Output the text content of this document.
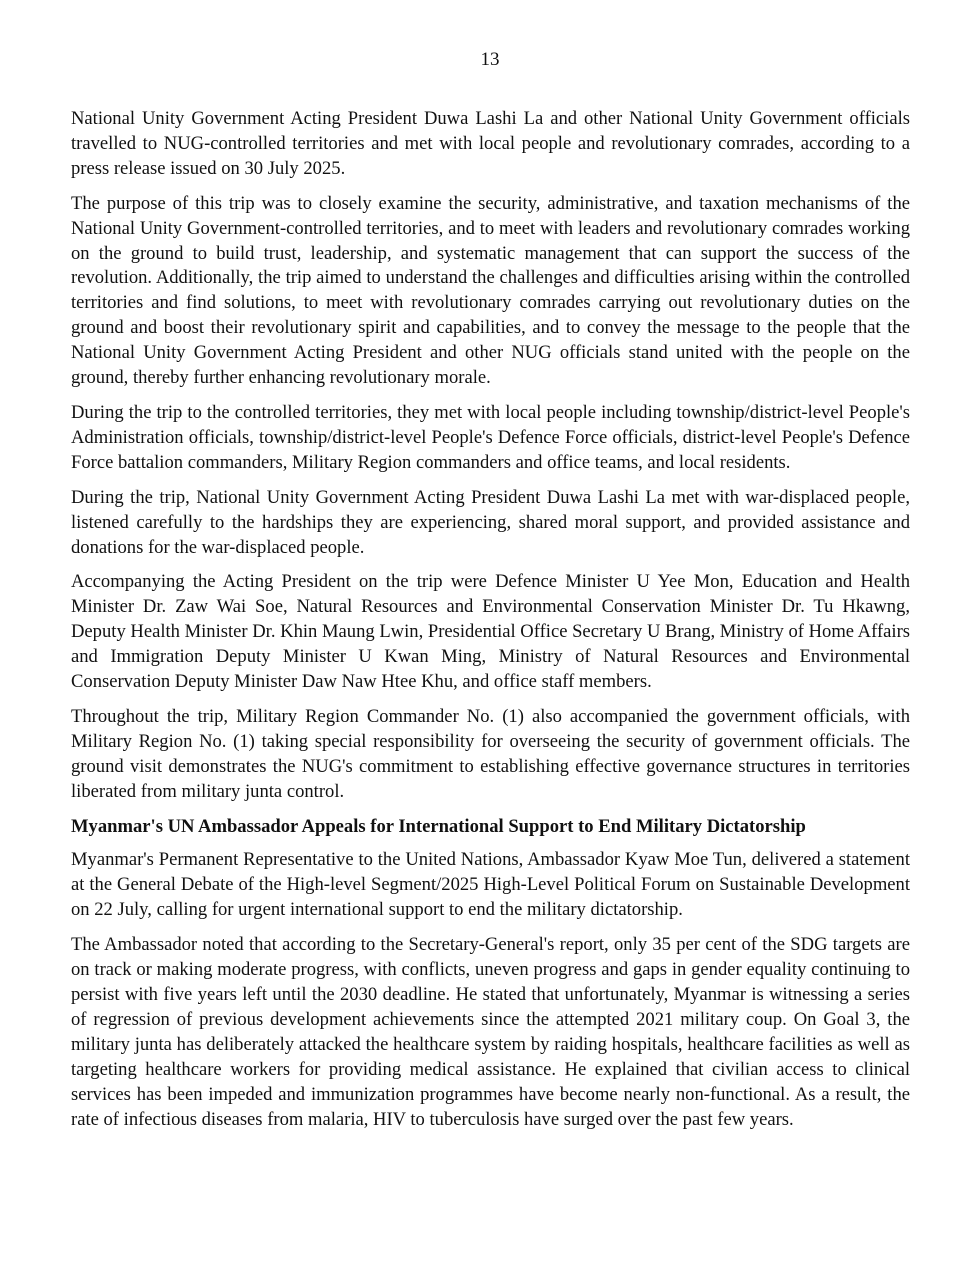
13

National Unity Government Acting President Duwa Lashi La and other National Unity Government officials travelled to NUG-controlled territories and met with local people and revolutionary comrades, according to a press release issued on 30 July 2025.

The purpose of this trip was to closely examine the security, administrative, and taxation mechanisms of the National Unity Government-controlled territories, and to meet with leaders and revolutionary comrades working on the ground to build trust, leadership, and systematic management that can support the success of the revolution. Additionally, the trip aimed to understand the challenges and difficulties arising within the controlled territories and find solutions, to meet with revolutionary comrades carrying out revolutionary duties on the ground and boost their revolutionary spirit and capabilities, and to convey the message to the people that the National Unity Government Acting President and other NUG officials stand united with the people on the ground, thereby further enhancing revolutionary morale.

During the trip to the controlled territories, they met with local people including township/district-level People's Administration officials, township/district-level People's Defence Force officials, district-level People's Defence Force battalion commanders, Military Region commanders and office teams, and local residents.

During the trip, National Unity Government Acting President Duwa Lashi La met with war-displaced people, listened carefully to the hardships they are experiencing, shared moral support, and provided assistance and donations for the war-displaced people.

Accompanying the Acting President on the trip were Defence Minister U Yee Mon, Education and Health Minister Dr. Zaw Wai Soe, Natural Resources and Environmental Conservation Minister Dr. Tu Hkawng, Deputy Health Minister Dr. Khin Maung Lwin, Presidential Office Secretary U Brang, Ministry of Home Affairs and Immigration Deputy Minister U Kwan Ming, Ministry of Natural Resources and Environmental Conservation Deputy Minister Daw Naw Htee Khu, and office staff members.

Throughout the trip, Military Region Commander No. (1) also accompanied the government officials, with Military Region No. (1) taking special responsibility for overseeing the security of government officials. The ground visit demonstrates the NUG's commitment to establishing effective governance structures in territories liberated from military junta control.

Myanmar's UN Ambassador Appeals for International Support to End Military Dictatorship

Myanmar's Permanent Representative to the United Nations, Ambassador Kyaw Moe Tun, delivered a statement at the General Debate of the High-level Segment/2025 High-Level Political Forum on Sustainable Development on 22 July, calling for urgent international support to end the military dictatorship.

The Ambassador noted that according to the Secretary-General's report, only 35 per cent of the SDG targets are on track or making moderate progress, with conflicts, uneven progress and gaps in gender equality continuing to persist with five years left until the 2030 deadline. He stated that unfortunately, Myanmar is witnessing a series of regression of previous development achievements since the attempted 2021 military coup. On Goal 3, the military junta has deliberately attacked the healthcare system by raiding hospitals, healthcare facilities as well as targeting healthcare workers for providing medical assistance. He explained that civilian access to clinical services has been impeded and immunization programmes have become nearly non-functional. As a result, the rate of infectious diseases from malaria, HIV to tuberculosis have surged over the past few years.
